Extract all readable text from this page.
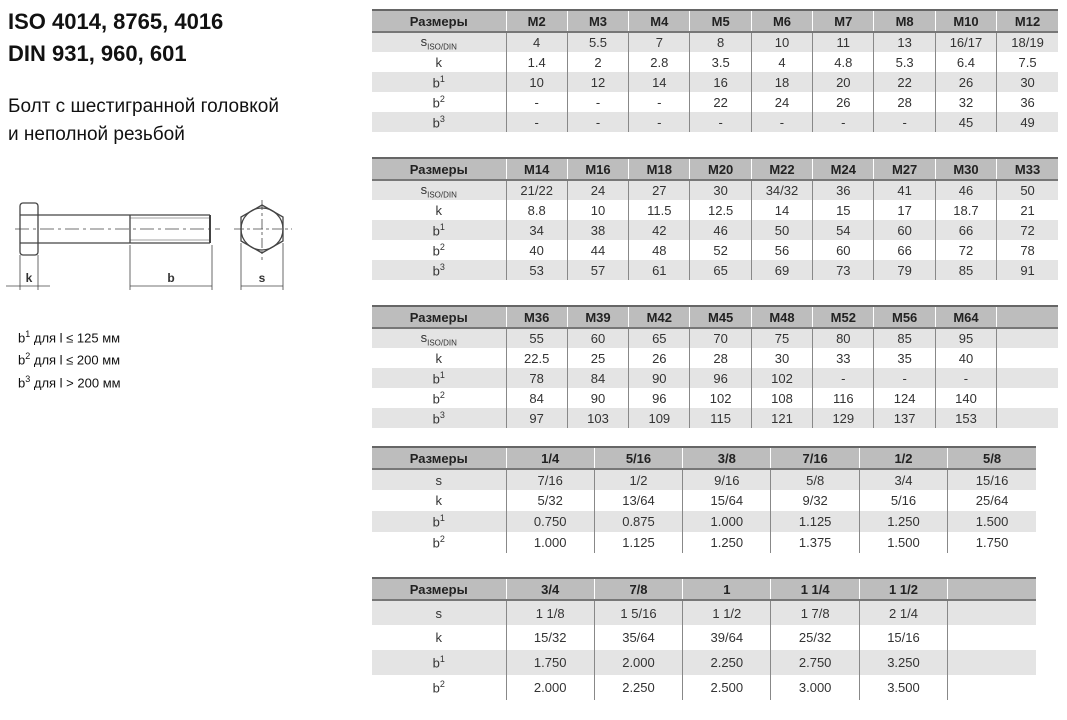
ISO 4014, 8765, 4016
DIN 931, 960, 601
Болт с шестигранной головкой
и неполной резьбой
k	b	s
$b^1$ для l ≤ 125 мм
$b^2$ для l ≤ 200 мм
$b^3$ для l > 200 мм
Размеры	M2	M3	M4	M5	M6	M7	M8	M10	M12
$s_{ISO/DIN}$	4	5.5	7	8	10	11	13	16/17	18/19
k	1.4	2	2.8	3.5	4	4.8	5.3	6.4	7.5
$b^1$	10	12	14	16	18	20	22	26	30
$b^2$	-	-	-	22	24	26	28	32	36
$b^3$	-	-	-	-	-	-	-	45	49
Размеры	M14	M16	M18	M20	M22	M24	M27	M30	M33
$s_{ISO/DIN}$	21/22	24	27	30	34/32	36	41	46	50
k	8.8	10	11.5	12.5	14	15	17	18.7	21
$b^1$	34	38	42	46	50	54	60	66	72
$b^2$	40	44	48	52	56	60	66	72	78
$b^3$	53	57	61	65	69	73	79	85	91
Размеры	M36	M39	M42	M45	M48	M52	M56	M64	
$s_{ISO/DIN}$	55	60	65	70	75	80	85	95	
k	22.5	25	26	28	30	33	35	40	
$b^1$	78	84	90	96	102	-	-	-	
$b^2$	84	90	96	102	108	116	124	140	
$b^3$	97	103	109	115	121	129	137	153	
Размеры	1/4	5/16	3/8	7/16	1/2	5/8
s	7/16	1/2	9/16	5/8	3/4	15/16
k	5/32	13/64	15/64	9/32	5/16	25/64
$b^1$	0.750	0.875	1.000	1.125	1.250	1.500
$b^2$	1.000	1.125	1.250	1.375	1.500	1.750
Размеры	3/4	7/8	1	1 1/4	1 1/2	
s	1 1/8	1 5/16	1 1/2	1 7/8	2 1/4	
k	15/32	35/64	39/64	25/32	15/16	
$b^1$	1.750	2.000	2.250	2.750	3.250	
$b^2$	2.000	2.250	2.500	3.000	3.500	
